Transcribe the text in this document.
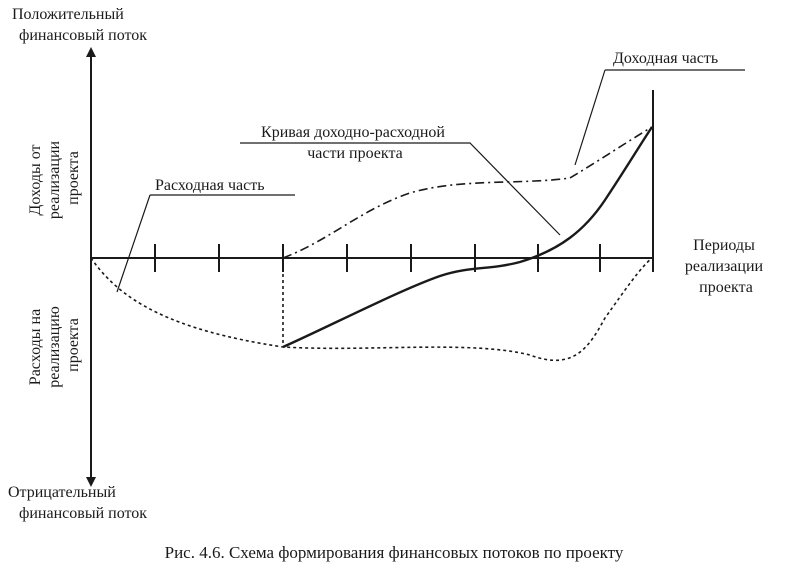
Положительный финансовый поток
Отрицательный финансовый поток
Доходы от реализации проекта
Расходы на реализацию проекта
Периоды реализации проекта
Доходная часть
Кривая доходно-расходной части проекта
Расходная часть
Рис. 4.6. Схема формирования финансовых потоков по проекту
